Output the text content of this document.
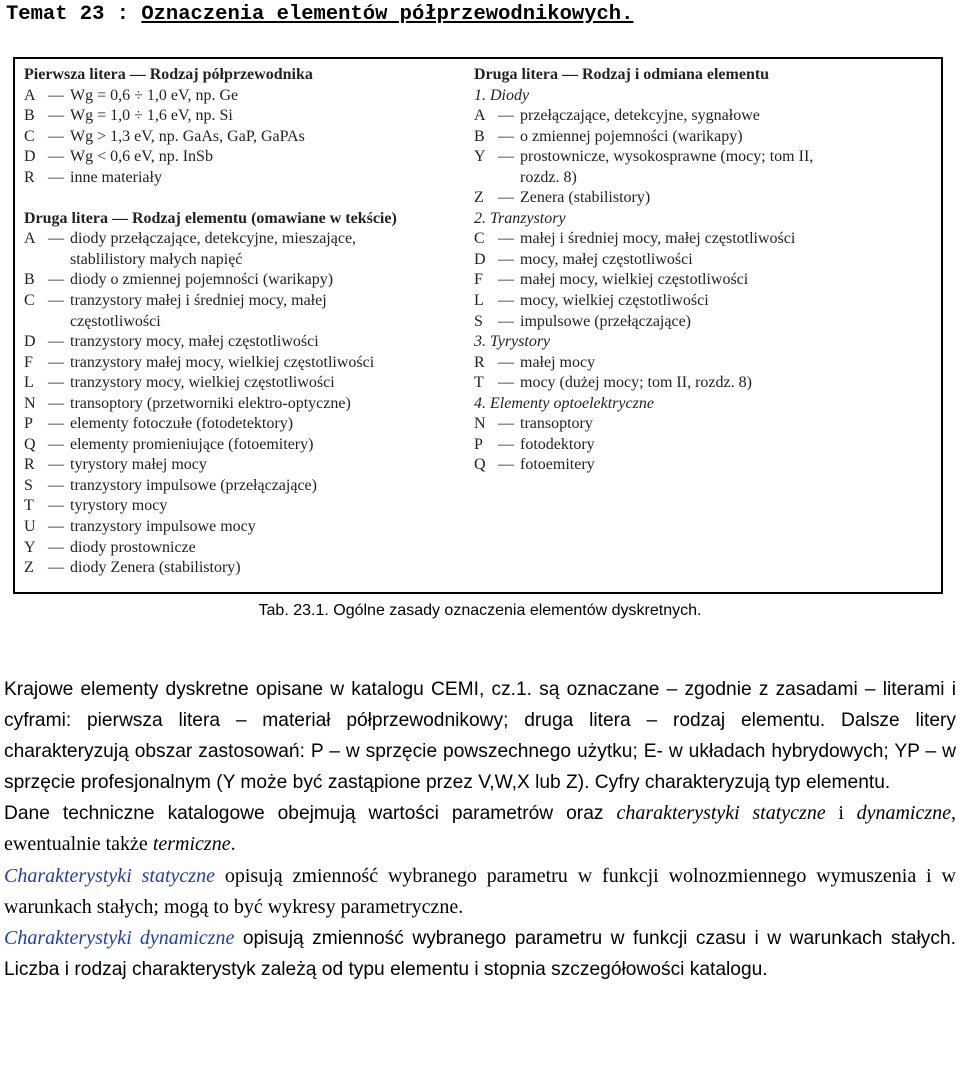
Temat 23 : Oznaczenia elementów półprzewodnikowych.
Pierwsza litera — Rodzaj półprzewodnika
A — Wg = 0,6 ÷ 1,0 eV, np. Ge
B — Wg = 1,0 ÷ 1,6 eV, np. Si
C — Wg > 1,3 eV, np. GaAs, GaP, GaPAs
D — Wg < 0,6 eV, np. InSb
R — inne materiały
Druga litera — Rodzaj elementu (omawiane w tekście)
A — diody przełączające, detekcyjne, mieszające,
stablilistory małych napięć
B — diody o zmiennej pojemności (warikapy)
C — tranzystory małej i średniej mocy, małej
częstotliwości
D — tranzystory mocy, małej częstotliwości
F — tranzystory małej mocy, wielkiej częstotliwości
L — tranzystory mocy, wielkiej częstotliwości
N — transoptory (przetworniki elektro-optyczne)
P — elementy fotoczułe (fotodetektory)
Q — elementy promieniujące (fotoemitery)
R — tyrystory małej mocy
S — tranzystory impulsowe (przełączające)
T — tyrystory mocy
U — tranzystory impulsowe mocy
Y — diody prostownicze
Z — diody Zenera (stabilistory)
Druga litera — Rodzaj i odmiana elementu
1. Diody
A — przełączające, detekcyjne, sygnałowe
B — o zmiennej pojemności (warikapy)
Y — prostownicze, wysokosprawne (mocy; tom II,
rozdz. 8)
Z — Zenera (stabilistory)
2. Tranzystory
C — małej i średniej mocy, małej częstotliwości
D — mocy, małej częstotliwości
F — małej mocy, wielkiej częstotliwości
L — mocy, wielkiej częstotliwości
S — impulsowe (przełączające)
3. Tyrystory
R — małej mocy
T — mocy (dużej mocy; tom II, rozdz. 8)
4. Elementy optoelektryczne
N — transoptory
P — fotodektory
Q — fotoemitery
Tab. 23.1. Ogólne zasady oznaczenia elementów dyskretnych.

Krajowe elementy dyskretne opisane w katalogu CEMI, cz.1. są oznaczane – zgodnie z zasadami – literami i cyframi: pierwsza litera – materiał półprzewodnikowy; druga litera – rodzaj elementu. Dalsze litery charakteryzują obszar zastosowań: P – w sprzęcie powszechnego użytku; E- w układach hybrydowych; YP – w sprzęcie profesjonalnym (Y może być zastąpione przez V,W,X lub Z). Cyfry charakteryzują typ elementu.

Dane techniczne katalogowe obejmują wartości parametrów oraz charakterystyki statyczne i dynamiczne, ewentualnie także termiczne.

Charakterystyki statyczne opisują zmienność wybranego parametru w funkcji wolnozmiennego wymuszenia i w warunkach stałych; mogą to być wykresy parametryczne.

Charakterystyki dynamiczne opisują zmienność wybranego parametru w funkcji czasu i w warunkach stałych. Liczba i rodzaj charakterystyk zależą od typu elementu i stopnia szczegółowości katalogu.
